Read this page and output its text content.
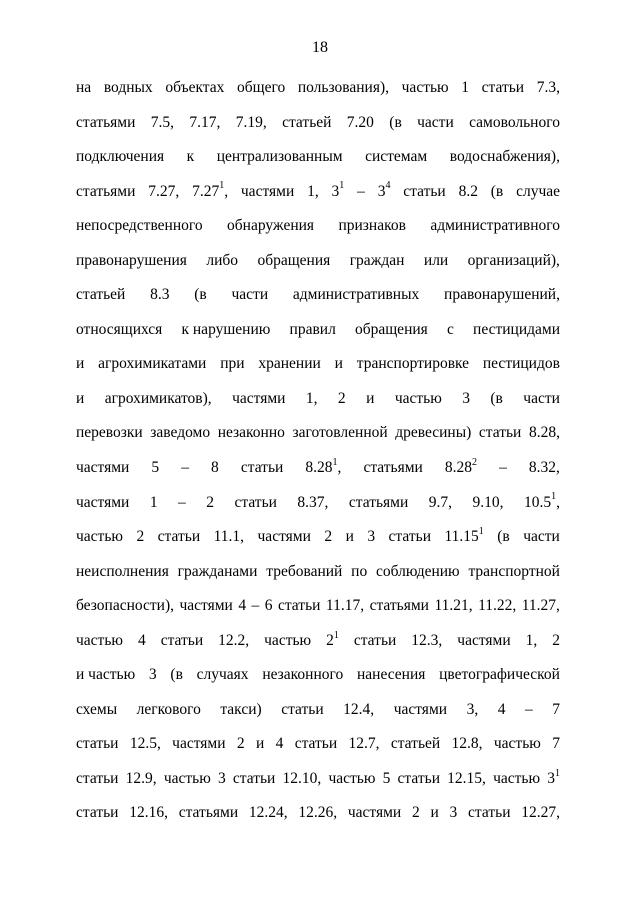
18
на водных объектах общего пользования), частью 1 статьи 7.3,
статьями 7.5, 7.17, 7.19, статьей 7.20 (в части самовольного
подключения к централизованным системам водоснабжения),
статьями 7.27, 7.27$^1$, частями 1, $3^1 - 3^4$ статьи 8.2 (в случае
непосредственного обнаружения признаков административного
правонарушения либо обращения граждан или организаций),
статьей 8.3 (в части административных правонарушений,
относящихся к нарушению правил обращения с пестицидами
и агрохимикатами при хранении и транспортировке пестицидов
и агрохимикатов), частями 1, 2 и частью 3 (в части
перевозки заведомо незаконно заготовленной древесины) статьи 8.28,
частями 5 – 8 статьи 8.28$^1$, статьями 8.28$^2$ – 8.32,
частями 1 – 2 статьи 8.37, статьями 9.7, 9.10, 10.5$^1$,
частью 2 статьи 11.1, частями 2 и 3 статьи 11.15$^1$ (в части
неисполнения гражданами требований по соблюдению транспортной
безопасности), частями 4 – 6 статьи 11.17, статьями 11.21, 11.22, 11.27,
частью 4 статьи 12.2, частью $2^1$ статьи 12.3, частями 1, 2
и частью 3 (в случаях незаконного нанесения цветографической
схемы легкового такси) статьи 12.4, частями 3, 4 – 7
статьи 12.5, частями 2 и 4 статьи 12.7, статьей 12.8, частью 7
статьи 12.9, частью 3 статьи 12.10, частью 5 статьи 12.15, частью $3^1$
статьи 12.16, статьями 12.24, 12.26, частями 2 и 3 статьи 12.27,
